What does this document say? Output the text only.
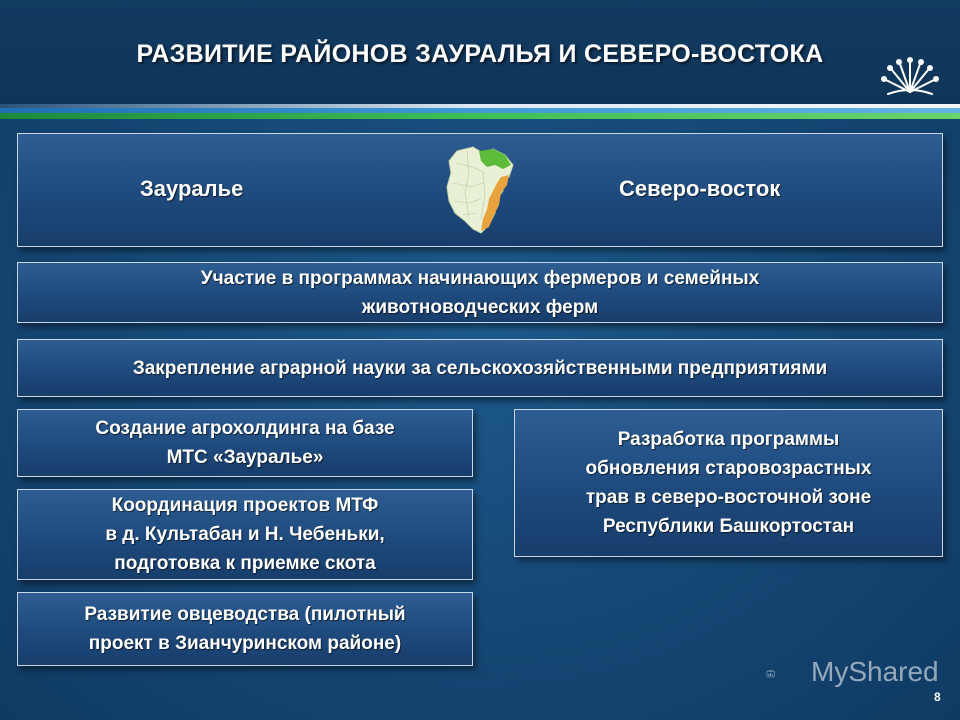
РАЗВИТИЕ РАЙОНОВ ЗАУРАЛЬЯ И СЕВЕРО-ВОСТОКА
Зауралье	Северо-восток
Участие в программах начинающих фермеров и семейных
животноводческих ферм
Закрепление аграрной науки за сельскохозяйственными предприятиями
Создание агрохолдинга на базе
МТС «Зауралье»
Координация проектов МТФ
в д. Культабан и Н. Чебеньки,
подготовка к приемке скота
Развитие овцеводства (пилотный
проект в Зианчуринском районе)
Разработка программы
обновления старовозрастных
трав в северо-восточной зоне
Республики Башкортостан
MyShared
8
